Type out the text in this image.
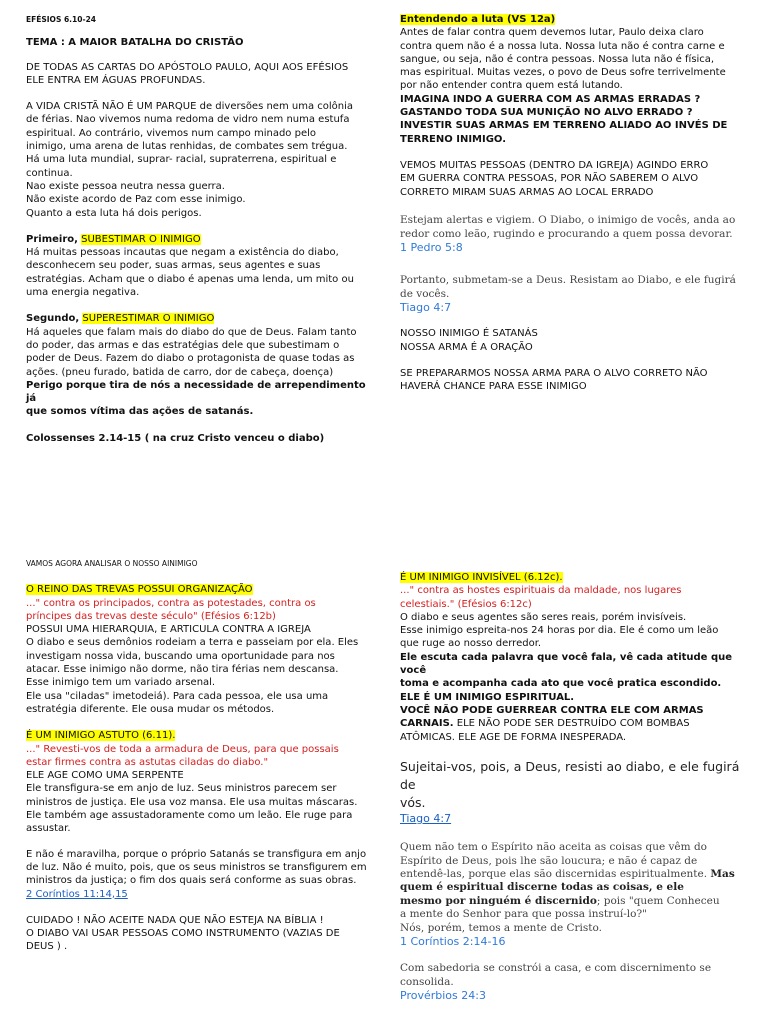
EFÉSIOS 6.10-24

TEMA : A MAIOR BATALHA DO CRISTÃO

DE TODAS AS CARTAS DO APÓSTOLO PAULO, AQUI AOS EFÉSIOS

ELE ENTRA EM ÁGUAS PROFUNDAS.

A VIDA CRISTÃ NÃO É UM PARQUE de diversões nem uma colônia

de férias. Nao vivemos numa redoma de vidro nem numa estufa

espiritual. Ao contrário, vivemos num campo minado pelo

inimigo, uma arena de lutas renhidas, de combates sem trégua.

Há uma luta mundial, suprar- racial, supraterrena, espiritual e

continua.

Nao existe pessoa neutra nessa guerra.

Não existe acordo de Paz com esse inimigo.

Quanto a esta luta há dois perigos.

Primeiro, SUBESTIMAR O INIMIGO

Há muitas pessoas incautas que negam a existência do diabo,

desconhecem seu poder, suas armas, seus agentes e suas

estratégias. Acham que o diabo é apenas uma lenda, um mito ou

uma energia negativa.

Segundo, SUPERESTIMAR O INIMIGO

Há aqueles que falam mais do diabo do que de Deus. Falam tanto

do poder, das armas e das estratégias dele que subestimam o

poder de Deus. Fazem do diabo o protagonista de quase todas as

ações. (pneu furado, batida de carro, dor de cabeça, doença)

Perigo porque tira de nós a necessidade de arrependimento já

que somos vítima das ações de satanás.

Colossenses 2.14-15 ( na cruz Cristo venceu o diabo)

Entendendo a luta (VS 12a)

Antes de falar contra quem devemos lutar, Paulo deixa claro

contra quem não é a nossa luta. Nossa luta não é contra carne e

sangue, ou seja, não é contra pessoas. Nossa luta não é física,

mas espiritual. Muitas vezes, o povo de Deus sofre terrivelmente

por não entender contra quem está lutando.

IMAGINA INDO A GUERRA COM AS ARMAS ERRADAS ?

GASTANDO TODA SUA MUNIÇÃO NO ALVO ERRADO ?

INVESTIR SUAS ARMAS EM TERRENO ALIADO AO INVÉS DE

TERRENO INIMIGO.

VEMOS MUITAS PESSOAS (DENTRO DA IGREJA) AGINDO ERRO

EM GUERRA CONTRA PESSOAS, POR NÃO SABEREM O ALVO

CORRETO MIRAM SUAS ARMAS AO LOCAL ERRADO

Estejam alertas e vigiem. O Diabo, o inimigo de vocês, anda ao

redor como leão, rugindo e procurando a quem possa devorar.

1 Pedro 5:8

Portanto, submetam-se a Deus. Resistam ao Diabo, e ele fugirá

de vocês.

Tiago 4:7

NOSSO INIMIGO É SATANÁS

NOSSA ARMA É A ORAÇÃO

SE PREPARARMOS NOSSA ARMA PARA O ALVO CORRETO NÃO

HAVERÁ CHANCE PARA ESSE INIMIGO

VAMOS AGORA ANALISAR O NOSSO AINIMIGO

O REINO DAS TREVAS POSSUI ORGANIZAÇÃO

..." contra os principados, contra as potestades, contra os

príncipes das trevas deste século" (Efésios 6:12b)

POSSUI UMA HIERARQUIA, E ARTICULA CONTRA A IGREJA

O diabo e seus demônios rodeiam a terra e passeiam por ela. Eles

investigam nossa vida, buscando uma oportunidade para nos

atacar. Esse inimigo não dorme, não tira férias nem descansa.

Esse inimigo tem um variado arsenal.

Ele usa "ciladas" imetodeiá). Para cada pessoa, ele usa uma

estratégia diferente. Ele ousa mudar os métodos.

É UM INIMIGO ASTUTO (6.11).

..." Revesti-vos de toda a armadura de Deus, para que possais

estar firmes contra as astutas ciladas do diabo."

ELE AGE COMO UMA SERPENTE

Ele transfigura-se em anjo de luz. Seus ministros parecem ser

ministros de justiça. Ele usa voz mansa. Ele usa muitas máscaras.

Ele também age assustadoramente como um leão. Ele ruge para

assustar.

E não é maravilha, porque o próprio Satanás se transfigura em anjo

de luz. Não é muito, pois, que os seus ministros se transfigurem em

ministros da justiça; o fim dos quais será conforme as suas obras.

2 Coríntios 11:14,15

CUIDADO ! NÃO ACEITE NADA QUE NÃO ESTEJA NA BÍBLIA !

O DIABO VAI USAR PESSOAS COMO INSTRUMENTO (VAZIAS DE

DEUS ) .

É UM INIMIGO INVISÍVEL (6.12c).

..." contra as hostes espirituais da maldade, nos lugares

celestiais." (Efésios 6:12c)

O diabo e seus agentes são seres reais, porém invisíveis.

Esse inimigo espreita-nos 24 horas por dia. Ele é como um leão

que ruge ao nosso derredor.

Ele escuta cada palavra que você fala, vê cada atitude que você

toma e acompanha cada ato que você pratica escondido.

ELE É UM INIMIGO ESPIRITUAL.

VOCÊ NÃO PODE GUERREAR CONTRA ELE COM ARMAS

CARNAIS. ELE NÃO PODE SER DESTRUÍDO COM BOMBAS

ATÔMICAS. ELE AGE DE FORMA INESPERADA.

Sujeitai-vos, pois, a Deus, resisti ao diabo, e ele fugirá de

vós.

Tiago 4:7

Quem não tem o Espírito não aceita as coisas que vêm do

Espírito de Deus, pois lhe são loucura; e não é capaz de

entendê-las, porque elas são discernidas espiritualmente. Mas

quem é espiritual discerne todas as coisas, e ele

mesmo por ninguém é discernido; pois "quem Conheceu

a mente do Senhor para que possa instruí-lo?"

Nós, porém, temos a mente de Cristo.

1 Coríntios 2:14-16

Com sabedoria se constrói a casa, e com discernimento se

consolida.

Provérbios 24:3
